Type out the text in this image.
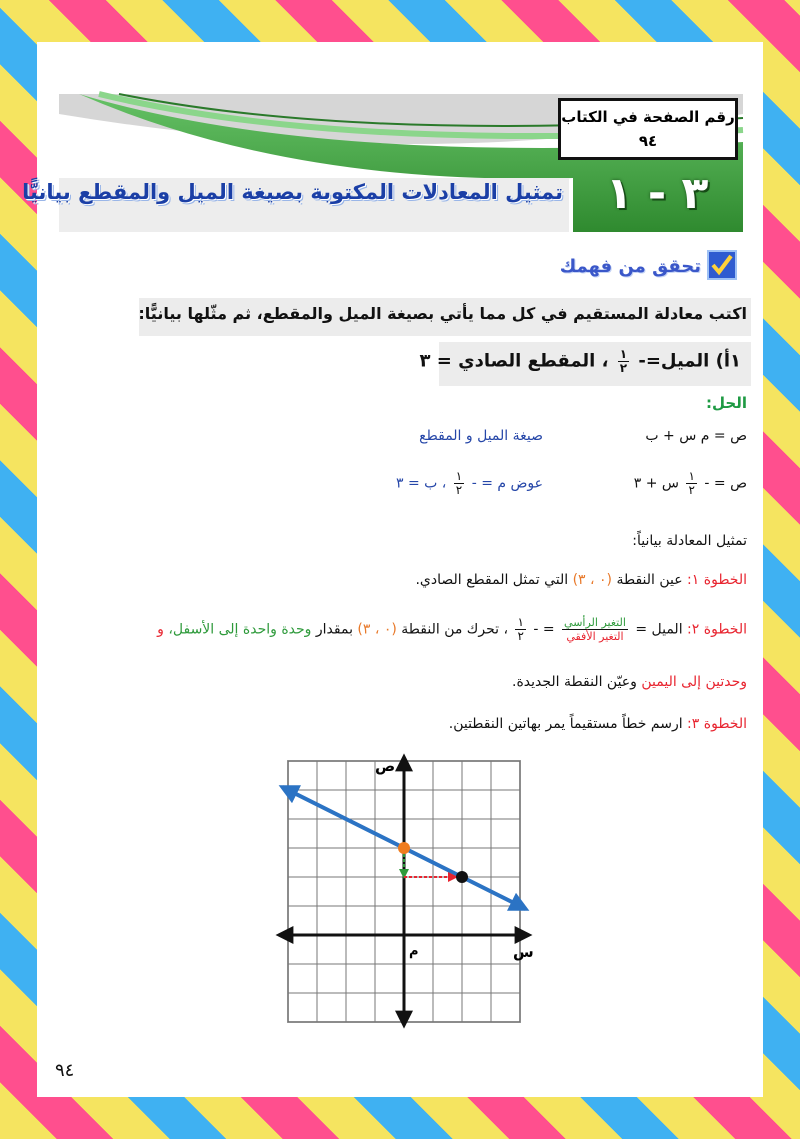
رقم الصفحة في الكتاب
٩٤
٣ - ١
تمثيل المعادلات المكتوبة بصيغة الميل والمقطع بيانيًّا
تحقق من فهمك
اكتب معادلة المستقيم في كل مما يأتي بصيغة الميل والمقطع، ثم مثّلها بيانيًّا:
١أ) الميل=-
$\frac{١}{٢}$
، المقطع الصادي = ٣
الحل:
ص = م س + ب
صيغة الميل و المقطع
ص = -
$\frac{١}{٢}$
س + ٣
عوض م = -
$\frac{١}{٢}$
، ب = ٣
تمثيل المعادلة بيانياً:
الخطوة ١: عين النقطة (٠ ، ٣) التي تمثل المقطع الصادي.
الخطوة ٢: الميل =
$\frac{\text{التغير الرأسي}}{\text{التغير الأفقي}}$
= -
$\frac{١}{٢}$
، تحرك من النقطة (٠ ، ٣) بمقدار وحدة واحدة إلى الأسفل، و
وحدتين إلى اليمين وعيّن النقطة الجديدة.
الخطوة ٣: ارسم خطاً مستقيماً يمر بهاتين النقطتين.
س
ص
م
٩٤
